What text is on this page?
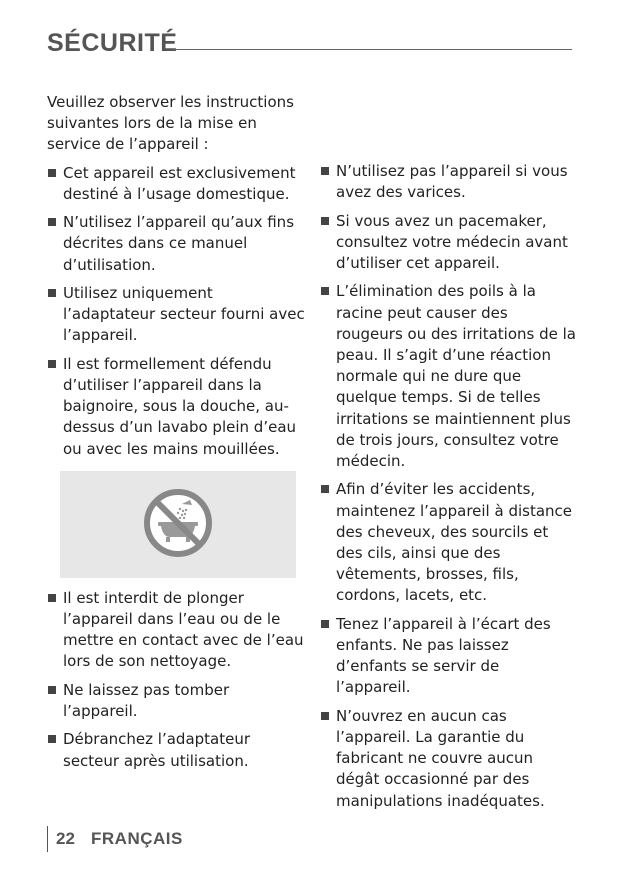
SÉCURITÉ

Veuillez observer les instructions suivantes lors de la mise en service de l’appareil :

Cet appareil est exclusivement destiné à l’usage domestique.
N’utilisez l’appareil qu’aux fins décrites dans ce manuel d’utilisation.
Utilisez uniquement l’adaptateur secteur fourni avec l’appareil.
Il est formellement défendu d’utiliser l’appareil dans la baignoire, sous la douche, au-dessus d’un lavabo plein d’eau ou avec les mains mouillées.
Il est interdit de plonger l’appareil dans l’eau ou de le mettre en contact avec de l’eau lors de son nettoyage.
Ne laissez pas tomber l’appareil.
Débranchez l’adaptateur secteur après utilisation.
N’utilisez pas l’appareil si vous avez des varices.
Si vous avez un pacemaker, consultez votre médecin avant d’utiliser cet appareil.
L’élimination des poils à la racine peut causer des rougeurs ou des irritations de la peau. Il s’agit d’une réaction normale qui ne dure que quelque temps. Si de telles irritations se maintiennent plus de trois jours, consultez votre médecin.
Afin d’éviter les accidents, maintenez l’appareil à distance des cheveux, des sourcils et des cils, ainsi que des vêtements, brosses, fils, cordons, lacets, etc.
Tenez l’appareil à l’écart des enfants. Ne pas laissez d’enfants se servir de l’appareil.
N’ouvrez en aucun cas l’appareil. La garantie du fabricant ne couvre aucun dégât occasionné par des manipulations inadéquates.
22 FRANÇAIS
